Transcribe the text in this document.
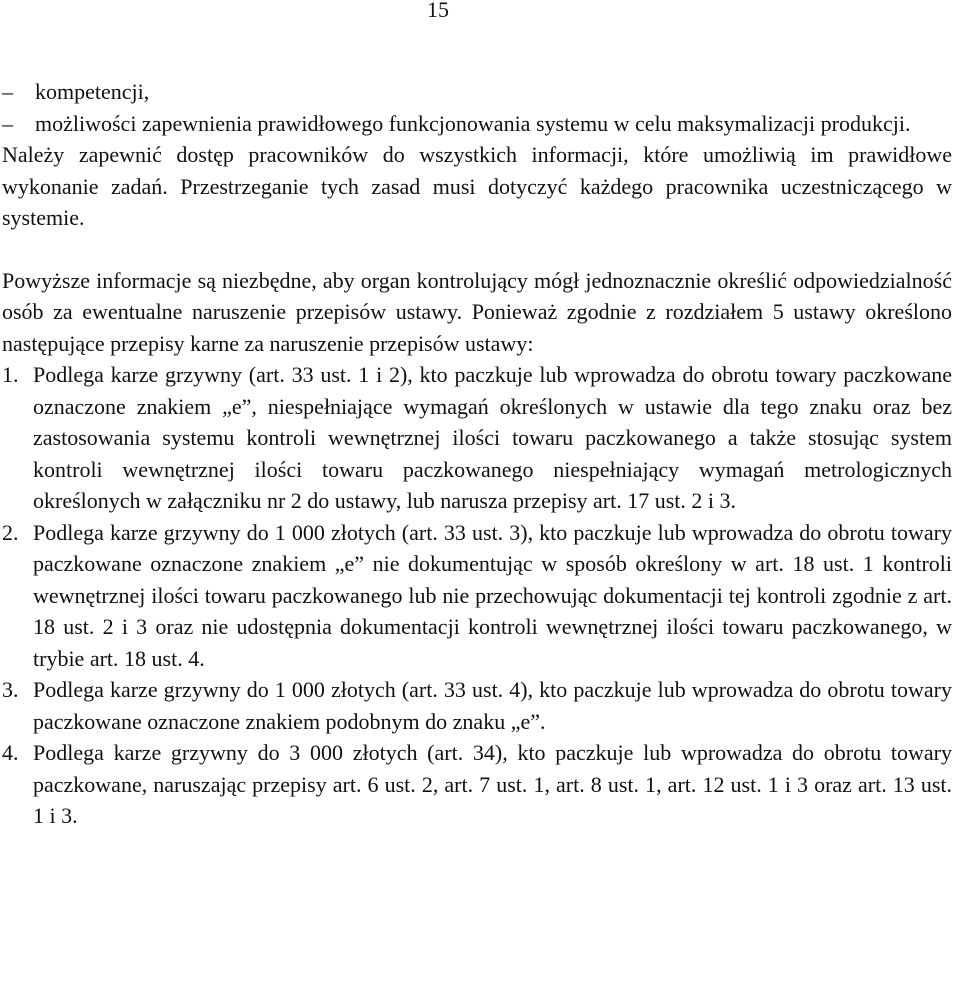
15

– kompetencji,

– możliwości zapewnienia prawidłowego funkcjonowania systemu w celu maksymalizacji produkcji.

Należy zapewnić dostęp pracowników do wszystkich informacji, które umożliwią im prawidłowe wykonanie zadań. Przestrzeganie tych zasad musi dotyczyć każdego pracownika uczestniczącego w systemie.

Powyższe informacje są niezbędne, aby organ kontrolujący mógł jednoznacznie określić odpowiedzialność osób za ewentualne naruszenie przepisów ustawy. Ponieważ zgodnie z rozdziałem 5 ustawy określono następujące przepisy karne za naruszenie przepisów ustawy:

1. Podlega karze grzywny (art. 33 ust. 1 i 2), kto paczkuje lub wprowadza do obrotu towary paczkowane oznaczone znakiem „e”, niespełniające wymagań określonych w ustawie dla tego znaku oraz bez zastosowania systemu kontroli wewnętrznej ilości towaru paczkowanego a także stosując system kontroli wewnętrznej ilości towaru paczkowanego niespełniający wymagań metrologicznych określonych w załączniku nr 2 do ustawy, lub narusza przepisy art. 17 ust. 2 i 3.

2. Podlega karze grzywny do 1 000 złotych (art. 33 ust. 3), kto paczkuje lub wprowadza do obrotu towary paczkowane oznaczone znakiem „e” nie dokumentując w sposób określony w art. 18 ust. 1 kontroli wewnętrznej ilości towaru paczkowanego lub nie przechowując dokumentacji tej kontroli zgodnie z art. 18 ust. 2 i 3 oraz nie udostępnia dokumentacji kontroli wewnętrznej ilości towaru paczkowanego, w trybie art. 18 ust. 4.

3. Podlega karze grzywny do 1 000 złotych (art. 33 ust. 4), kto paczkuje lub wprowadza do obrotu towary paczkowane oznaczone znakiem podobnym do znaku „e”.

4. Podlega karze grzywny do 3 000 złotych (art. 34), kto paczkuje lub wprowadza do obrotu towary paczkowane, naruszając przepisy art. 6 ust. 2, art. 7 ust. 1, art. 8 ust. 1, art. 12 ust. 1 i 3 oraz art. 13 ust. 1 i 3.
